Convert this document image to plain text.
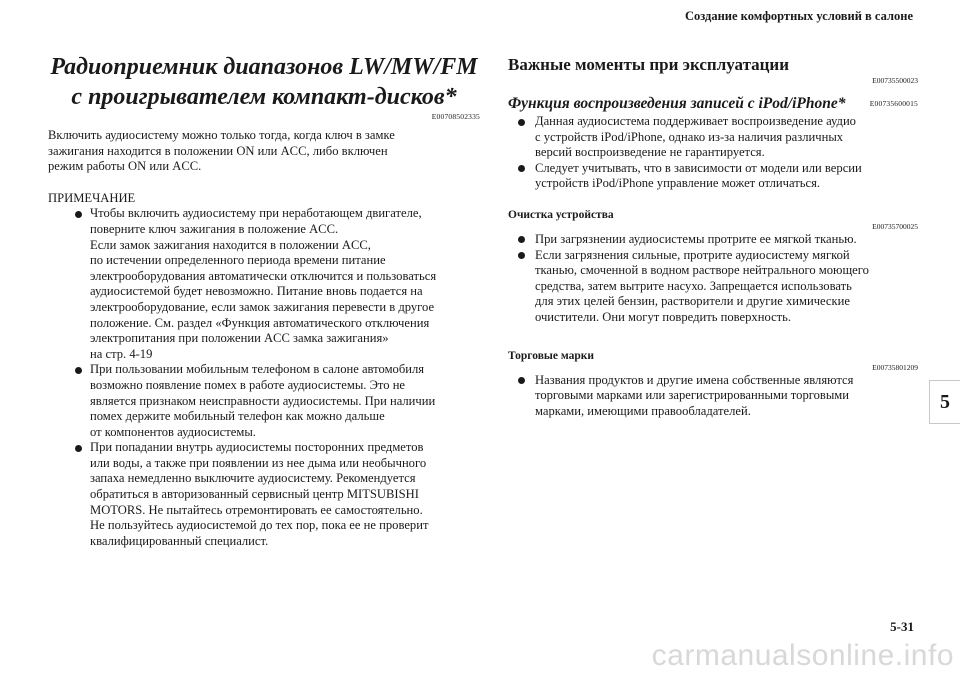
Создание комфортных условий в салоне
Радиоприемник диапазонов LW/MW/FM
с проигрывателем компакт-дисков*
E00708502335

Включить аудиосистему можно только тогда, когда ключ в замке

зажигания находится в положении ON или ACC, либо включен

режим работы ON или ACC.

ПРИМЕЧАНИЕ

Чтобы включить аудиосистему при неработающем двигателе,
поверните ключ зажигания в положение ACC.
Если замок зажигания находится в положении ACC,
по истечении определенного периода времени питание
электрооборудования автоматически отключится и пользоваться
аудиосистемой будет невозможно. Питание вновь подается на
электрооборудование, если замок зажигания перевести в другое
положение. См. раздел «Функция автоматического отключения
электропитания при положении ACC замка зажигания»
на стр. 4-19
При пользовании мобильным телефоном в салоне автомобиля
возможно появление помех в работе аудиосистемы. Это не
является признаком неисправности аудиосистемы. При наличии
помех держите мобильный телефон как можно дальше
от компонентов аудиосистемы.
При попадании внутрь аудиосистемы посторонних предметов
или воды, а также при появлении из нее дыма или необычного
запаха немедленно выключите аудиосистему. Рекомендуется
обратиться в авторизованный сервисный центр MITSUBISHI
MOTORS. Не пытайтесь отремонтировать ее самостоятельно.
Не пользуйтесь аудиосистемой до тех пор, пока ее не проверит
квалифицированный специалист.
Важные моменты при эксплуатации
E00735500023
Функция воспроизведения записей с iPod/iPhone*	E00735600015
Данная аудиосистема поддерживает воспроизведение аудио
с устройств iPod/iPhone, однако из-за наличия различных
версий воспроизведение не гарантируется.
Следует учитывать, что в зависимости от модели или версии
устройств iPod/iPhone управление может отличаться.
Очистка устройства
E00735700025
При загрязнении аудиосистемы протрите ее мягкой тканью.
Если загрязнения сильные, протрите аудиосистему мягкой
тканью, смоченной в водном растворе нейтрального моющего
средства, затем вытрите насухо. Запрещается использовать
для этих целей бензин, растворители и другие химические
очистители. Они могут повредить поверхность.
Торговые марки
E00735801209
Названия продуктов и другие имена собственные являются
торговыми марками или зарегистрированными торговыми
марками, имеющими правообладателей.	5
5-31
carmanualsonline.info
